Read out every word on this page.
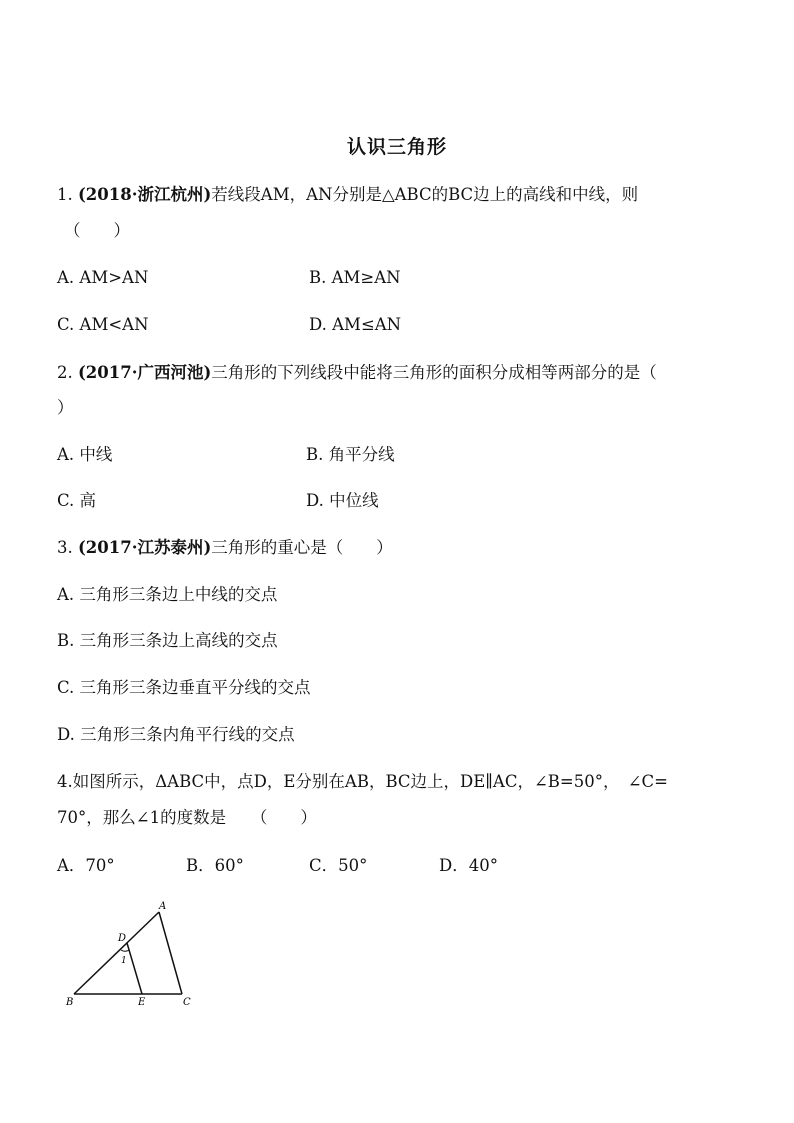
认识三角形
1. (2018·浙江杭州)若线段AM，AN分别是△ABC的BC边上的高线和中线，则
（　　）
A. AM>AN	B. AM≥AN
C. AM<AN	D. AM≤AN
2. (2017·广西河池)三角形的下列线段中能将三角形的面积分成相等两部分的是（
）
A. 中线	B. 角平分线
C. 高	D. 中位线
3. (2017·江苏泰州)三角形的重心是（　　）
A. 三角形三条边上中线的交点
B. 三角形三条边上高线的交点
C. 三角形三条边垂直平分线的交点
D. 三角形三条内角平行线的交点
4.如图所示，ΔABC中，点D，E分别在AB，BC边上，DE∥AC，∠B=50°，　∠C=
70°，那么∠1的度数是　　（　　）
A．70°	B．60°	C．50°	D．40°
A
B	C
D
E
1
